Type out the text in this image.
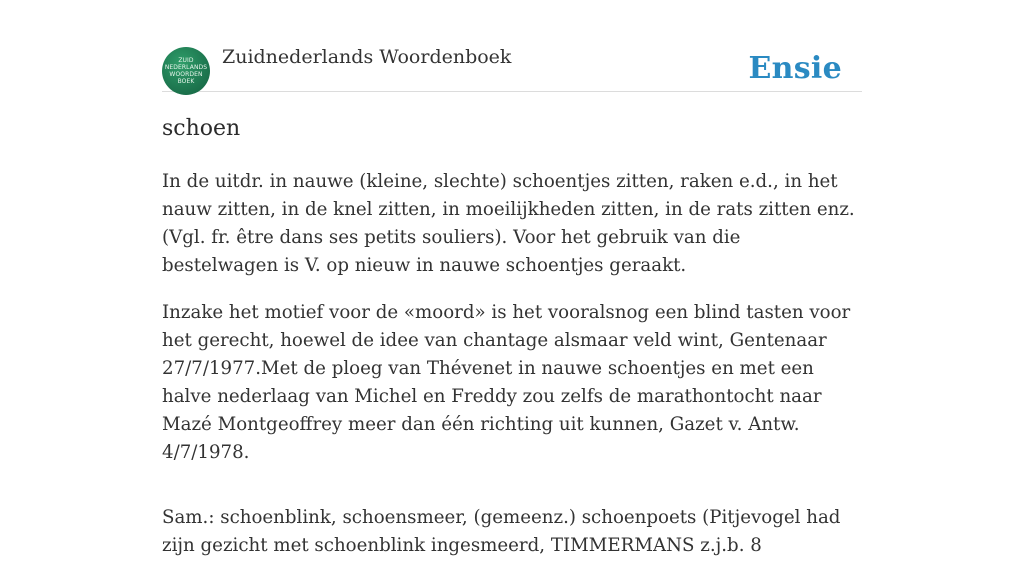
ZUID
NEDERLANDS
WOORDEN
BOEK
Zuidnederlands Woordenboek	Ensie
schoen

In de uitdr. in nauwe (kleine, slechte) schoentjes zitten, raken e.d., in het nauw zitten, in de knel zitten, in moeilijkheden zitten, in de rats zitten enz. (Vgl. fr. être dans ses petits souliers). Voor het gebruik van die bestelwagen is V. op nieuw in nauwe schoentjes geraakt.

Inzake het motief voor de «moord» is het vooralsnog een blind tasten voor het gerecht, hoewel de idee van chantage alsmaar veld wint, Gentenaar 27/7/1977.Met de ploeg van Thévenet in nauwe schoentjes en met een halve nederlaag van Michel en Freddy zou zelfs de marathontocht naar Mazé Montgeoffrey meer dan één richting uit kunnen, Gazet v. Antw. 4/7/1978.

Sam.: schoenblink, schoensmeer, (gemeenz.) schoenpoets (Pitjevogel had zijn gezicht met schoenblink ingesmeerd, TIMMERMANS z.j.b. 8
